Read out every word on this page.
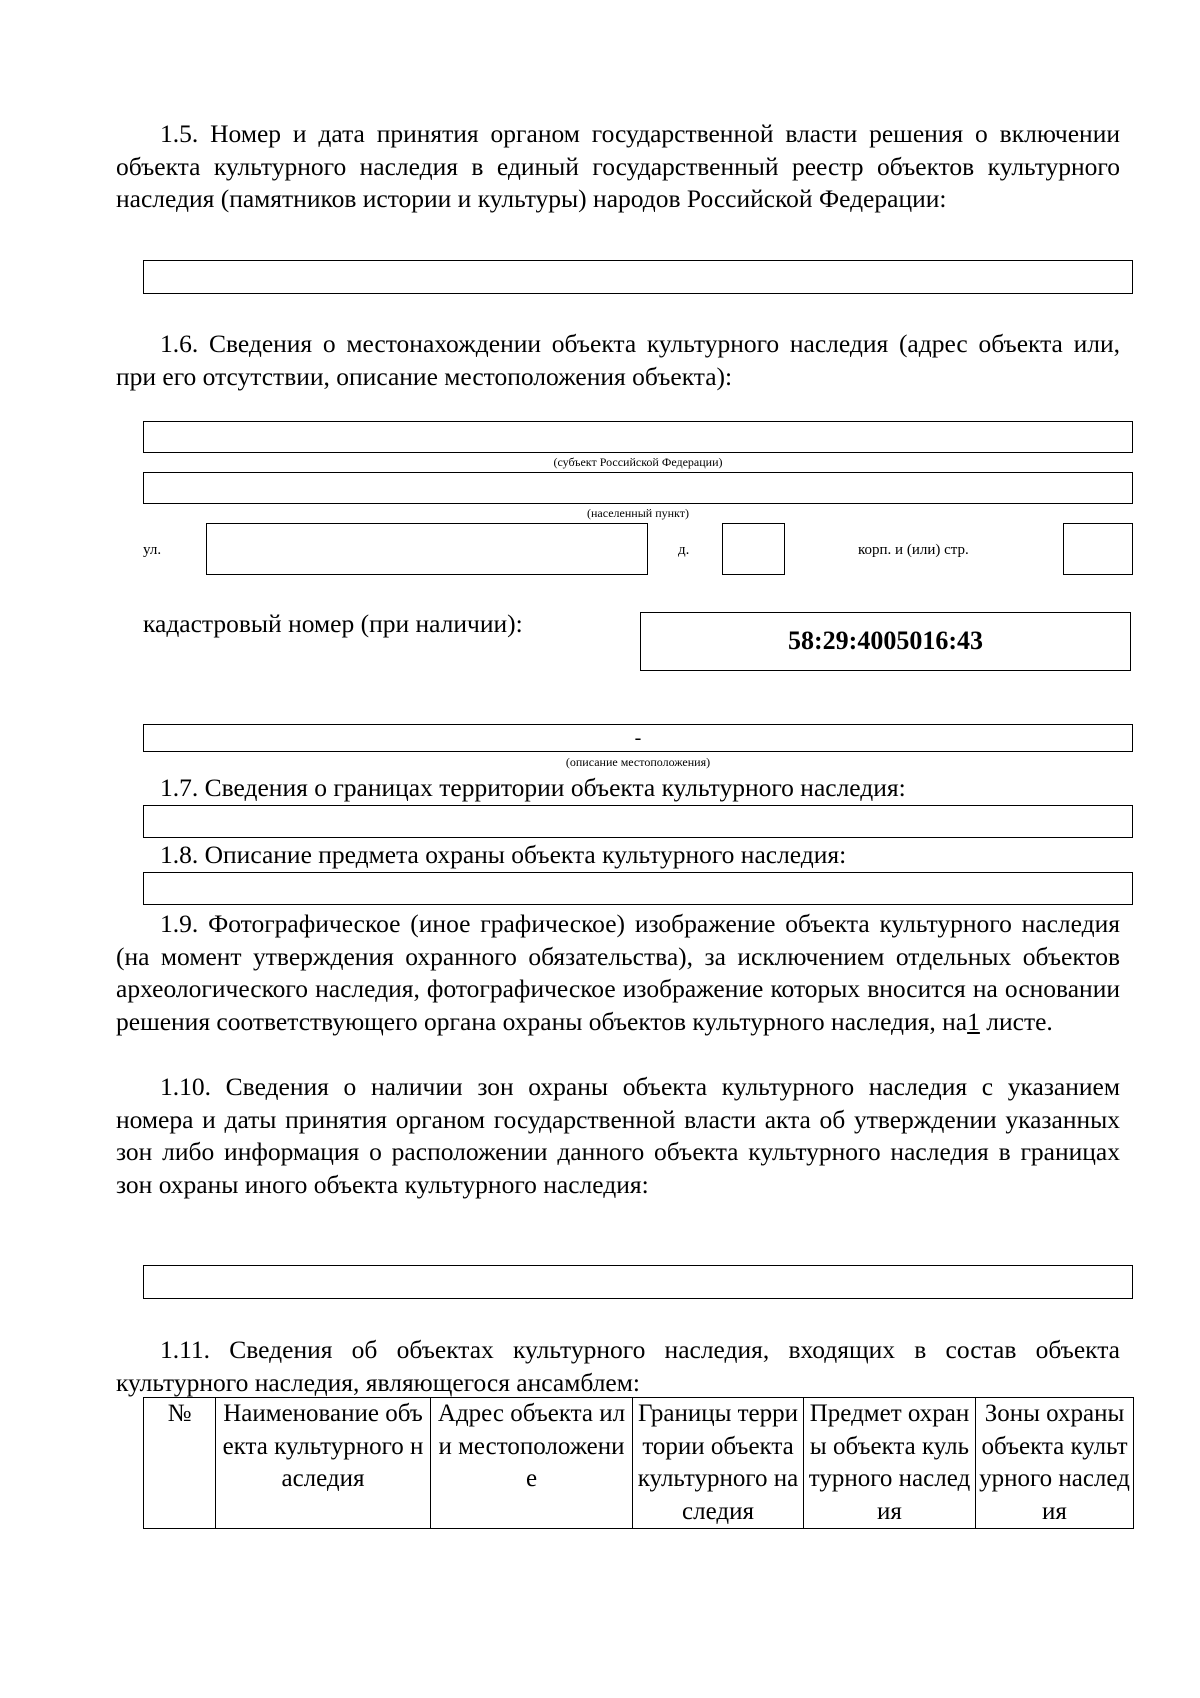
1.5. Номер и дата принятия органом государственной власти решения о включении объекта культурного наследия в единый государственный реестр объектов культурного наследия (памятников истории и культуры) народов Российской Федерации:

1.6. Сведения о местонахождении объекта культурного наследия (адрес объекта или, при его отсутствии, описание местоположения объекта):

(субъект Российской Федерации)
(населенный пункт)
ул.	д.	корп. и (или) стр.
кадастровый номер (при наличии):
58:29:4005016:43
-
(описание местоположения)

1.7. Сведения о границах территории объекта культурного наследия:

1.8. Описание предмета охраны объекта культурного наследия:

1.9. Фотографическое (иное графическое) изображение объекта культурного наследия (на момент утверждения охранного обязательства), за исключением отдельных объектов археологического наследия, фотографическое изображение которых вносится на основании решения соответствующего органа охраны объектов культурного наследия, на1 листе.

1.10. Сведения о наличии зон охраны объекта культурного наследия с указанием номера и даты принятия органом государственной власти акта об утверждении указанных зон либо информация о расположении данного объекта культурного наследия в границах зон охраны иного объекта культурного наследия:

1.11. Сведения об объектах культурного наследия, входящих в состав объекта культурного наследия, являющегося ансамблем:

№	Наименование объекта культурного наследия	Адрес объекта или местоположение	Границы территории объекта культурного наследия	Предмет охраны объекта культурного наследия	Зоны охраны объекта культурного наследия
